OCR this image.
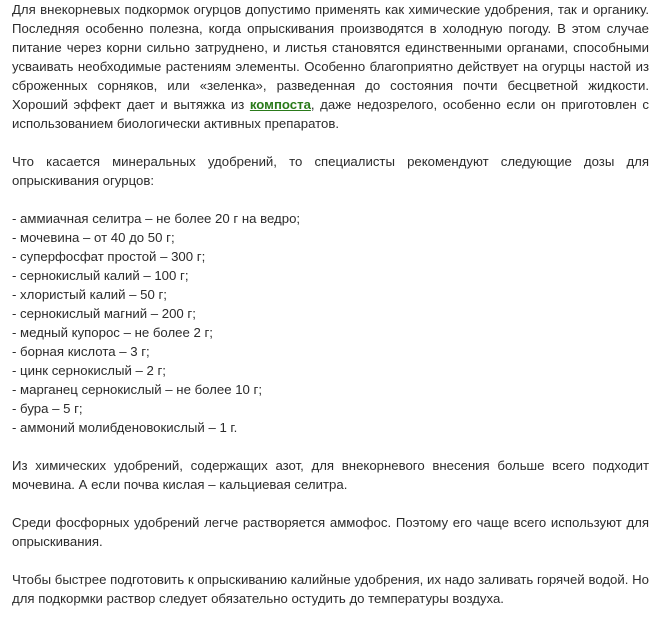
Для внекорневых подкормок огурцов допустимо применять как химические удобрения, так и органику. Последняя особенно полезна, когда опрыскивания производятся в холодную погоду. В этом случае питание через корни сильно затруднено, и листья становятся единственными органами, способными усваивать необходимые растениям элементы. Особенно благоприятно действует на огурцы настой из сброженных сорняков, или «зеленка», разведенная до состояния почти бесцветной жидкости. Хороший эффект дает и вытяжка из компоста, даже недозрелого, особенно если он приготовлен с использованием биологически активных препаратов.

Что касается минеральных удобрений, то специалисты рекомендуют следующие дозы для опрыскивания огурцов:

- аммиачная селитра – не более 20 г на ведро;
- мочевина – от 40 до 50 г;
- суперфосфат простой – 300 г;
- сернокислый калий – 100 г;
- хлористый калий – 50 г;
- сернокислый магний – 200 г;
- медный купорос – не более 2 г;
- борная кислота – 3 г;
- цинк сернокислый – 2 г;
- марганец сернокислый – не более 10 г;
- бура – 5 г;
- аммоний молибденовокислый – 1 г.

Из химических удобрений, содержащих азот, для внекорневого внесения больше всего подходит мочевина. А если почва кислая – кальциевая селитра.

Среди фосфорных удобрений легче растворяется аммофос. Поэтому его чаще всего используют для опрыскивания.

Чтобы быстрее подготовить к опрыскиванию калийные удобрения, их надо заливать горячей водой. Но для подкормки раствор следует обязательно остудить до температуры воздуха.
